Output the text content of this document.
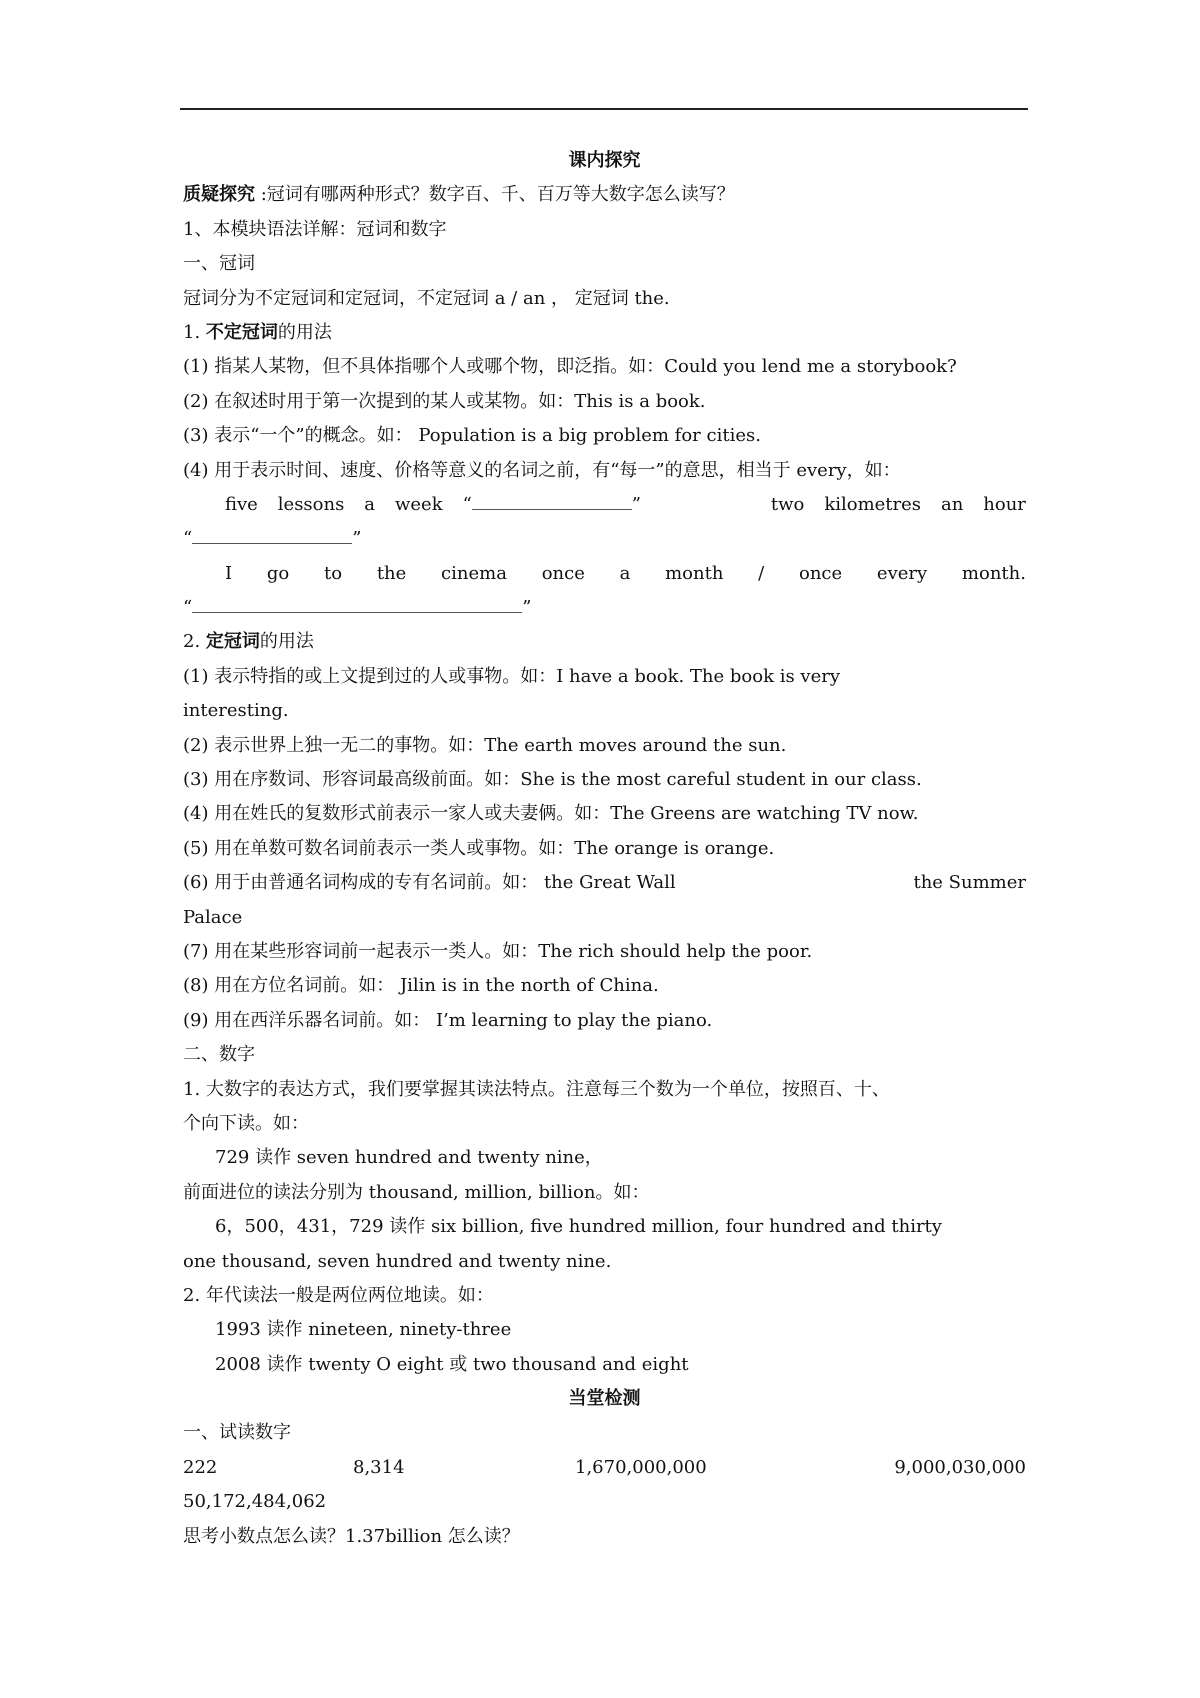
课内探究
质疑探究 :冠词有哪两种形式？数字百、千、百万等大数字怎么读写？
1、本模块语法详解：冠词和数字
一、冠词
冠词分为不定冠词和定冠词，不定冠词 a / an ， 定冠词 the.
1. 不定冠词的用法
(1) 指某人某物，但不具体指哪个人或哪个物，即泛指。如：Could you lend me a storybook?
(2) 在叙述时用于第一次提到的某人或某物。如：This is a book.
(3) 表示“一个”的概念。如： Population is a big problem for cities.
(4) 用于表示时间、速度、价格等意义的名词之前，有“每一”的意思，相当于 every，如：
five lessons a week “	”	two kilometres an hour
“	”
I go to the cinema once a month / once every month.
“	”
2. 定冠词的用法
(1) 表示特指的或上文提到过的人或事物。如：I have a book. The book is very
interesting.
(2) 表示世界上独一无二的事物。如：The earth moves around the sun.
(3) 用在序数词、形容词最高级前面。如：She is the most careful student in our class.
(4) 用在姓氏的复数形式前表示一家人或夫妻俩。如：The Greens are watching TV now.
(5) 用在单数可数名词前表示一类人或事物。如：The orange is orange.
(6) 用于由普通名词构成的专有名词前。如： the Great Wall	the Summer
Palace
(7) 用在某些形容词前一起表示一类人。如：The rich should help the poor.
(8) 用在方位名词前。如： Jilin is in the north of China.
(9) 用在西洋乐器名词前。如： I’m learning to play the piano.
二、数字
1. 大数字的表达方式，我们要掌握其读法特点。注意每三个数为一个单位，按照百、十、
个向下读。如：
729 读作 seven hundred and twenty nine，
前面进位的读法分别为 thousand, million, billion。如：
6，500，431，729 读作 six billion, five hundred million, four hundred and thirty
one thousand, seven hundred and twenty nine.
2. 年代读法一般是两位两位地读。如：
1993 读作 nineteen, ninety-three
2008 读作 twenty O eight 或 two thousand and eight
当堂检测
一、试读数字
222	8,314	1,670,000,000	9,000,030,000
50,172,484,062
思考小数点怎么读？1.37billion 怎么读？
